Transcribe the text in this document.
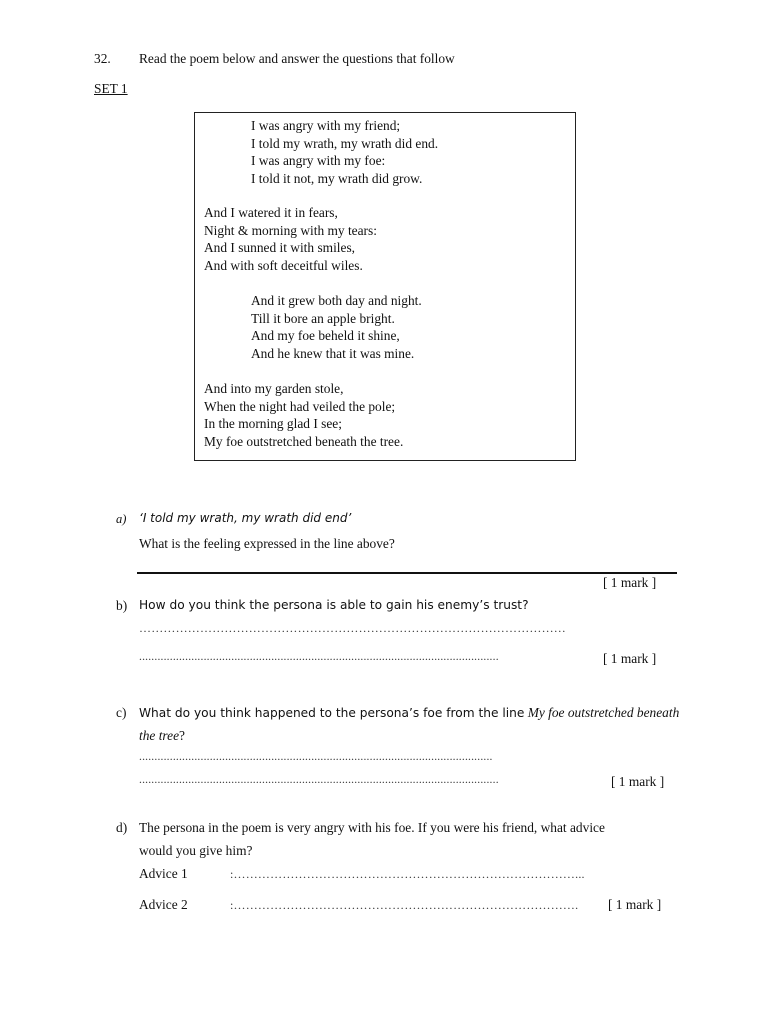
32. Read the poem below and answer the questions that follow
SET 1
I was angry with my friend;
I told my wrath, my wrath did end.
I was angry with my foe:
I told it not, my wrath did grow.
And I watered it in fears,
Night & morning with my tears:
And I sunned it with smiles,
And with soft deceitful wiles.
And it grew both day and night.
Till it bore an apple bright.
And my foe beheld it shine,
And he knew that it was mine.
And into my garden stole,
When the night had veiled the pole;
In the morning glad I see;
My foe outstretched beneath the tree.
a) ‘I told my wrath, my wrath did end’
What is the feeling expressed in the line above?
[ 1 mark ]
b) How do you think the persona is able to gain his enemy’s trust?
……………………………………………………………………………………………
.....................................................................................................................	[ 1 mark ]
c) What do you think happened to the persona’s foe from the line My foe outstretched beneath
the tree?
...................................................................................................................
.....................................................................................................................	[ 1 mark ]
d) The persona in the poem is very angry with his foe. If you were his friend, what advice
would you give him?
Advice 1	:…………………………………………………………………………...
Advice 2	:…………………………………………………………………………. [ 1 mark ]
